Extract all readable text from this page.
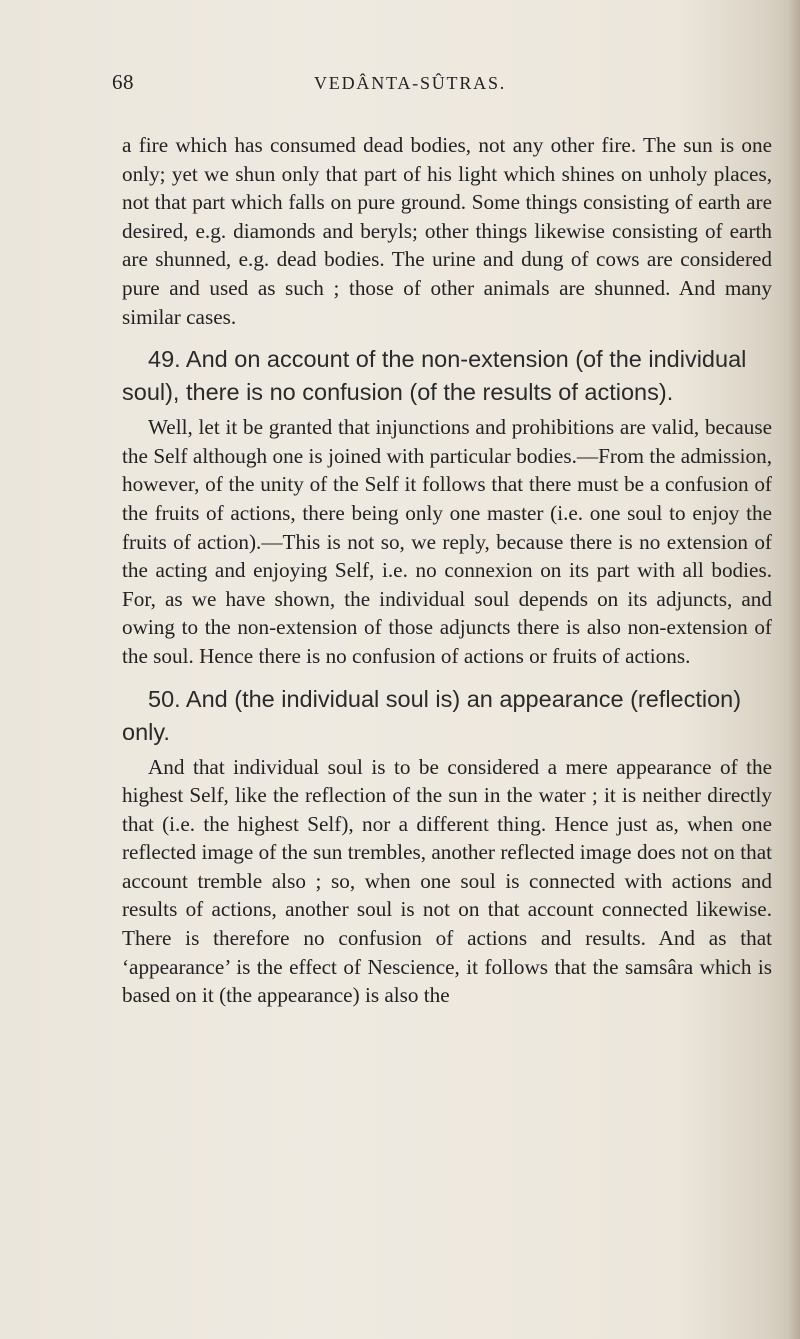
68	VEDÂNTA-SÛTRAS.

a fire which has consumed dead bodies, not any other fire. The sun is one only; yet we shun only that part of his light which shines on unholy places, not that part which falls on pure ground. Some things consisting of earth are desired, e.g. diamonds and beryls; other things likewise consisting of earth are shunned, e.g. dead bodies. The urine and dung of cows are considered pure and used as such ; those of other animals are shunned. And many similar cases.

49. And on account of the non-extension (of the individual soul), there is no confusion (of the results of actions).

Well, let it be granted that injunctions and prohibitions are valid, because the Self although one is joined with particular bodies.—From the admission, however, of the unity of the Self it follows that there must be a confusion of the fruits of actions, there being only one master (i.e. one soul to enjoy the fruits of action).—This is not so, we reply, because there is no extension of the acting and enjoying Self, i.e. no connexion on its part with all bodies. For, as we have shown, the individual soul depends on its adjuncts, and owing to the non-extension of those adjuncts there is also non-extension of the soul. Hence there is no confusion of actions or fruits of actions.

50. And (the individual soul is) an appearance (reflection) only.

And that individual soul is to be considered a mere appearance of the highest Self, like the reflection of the sun in the water ; it is neither directly that (i.e. the highest Self), nor a different thing. Hence just as, when one reflected image of the sun trembles, another reflected image does not on that account tremble also ; so, when one soul is connected with actions and results of actions, another soul is not on that account connected likewise. There is therefore no confusion of actions and results. And as that ‘appearance’ is the effect of Nescience, it follows that the samsâra which is based on it (the appearance) is also the
